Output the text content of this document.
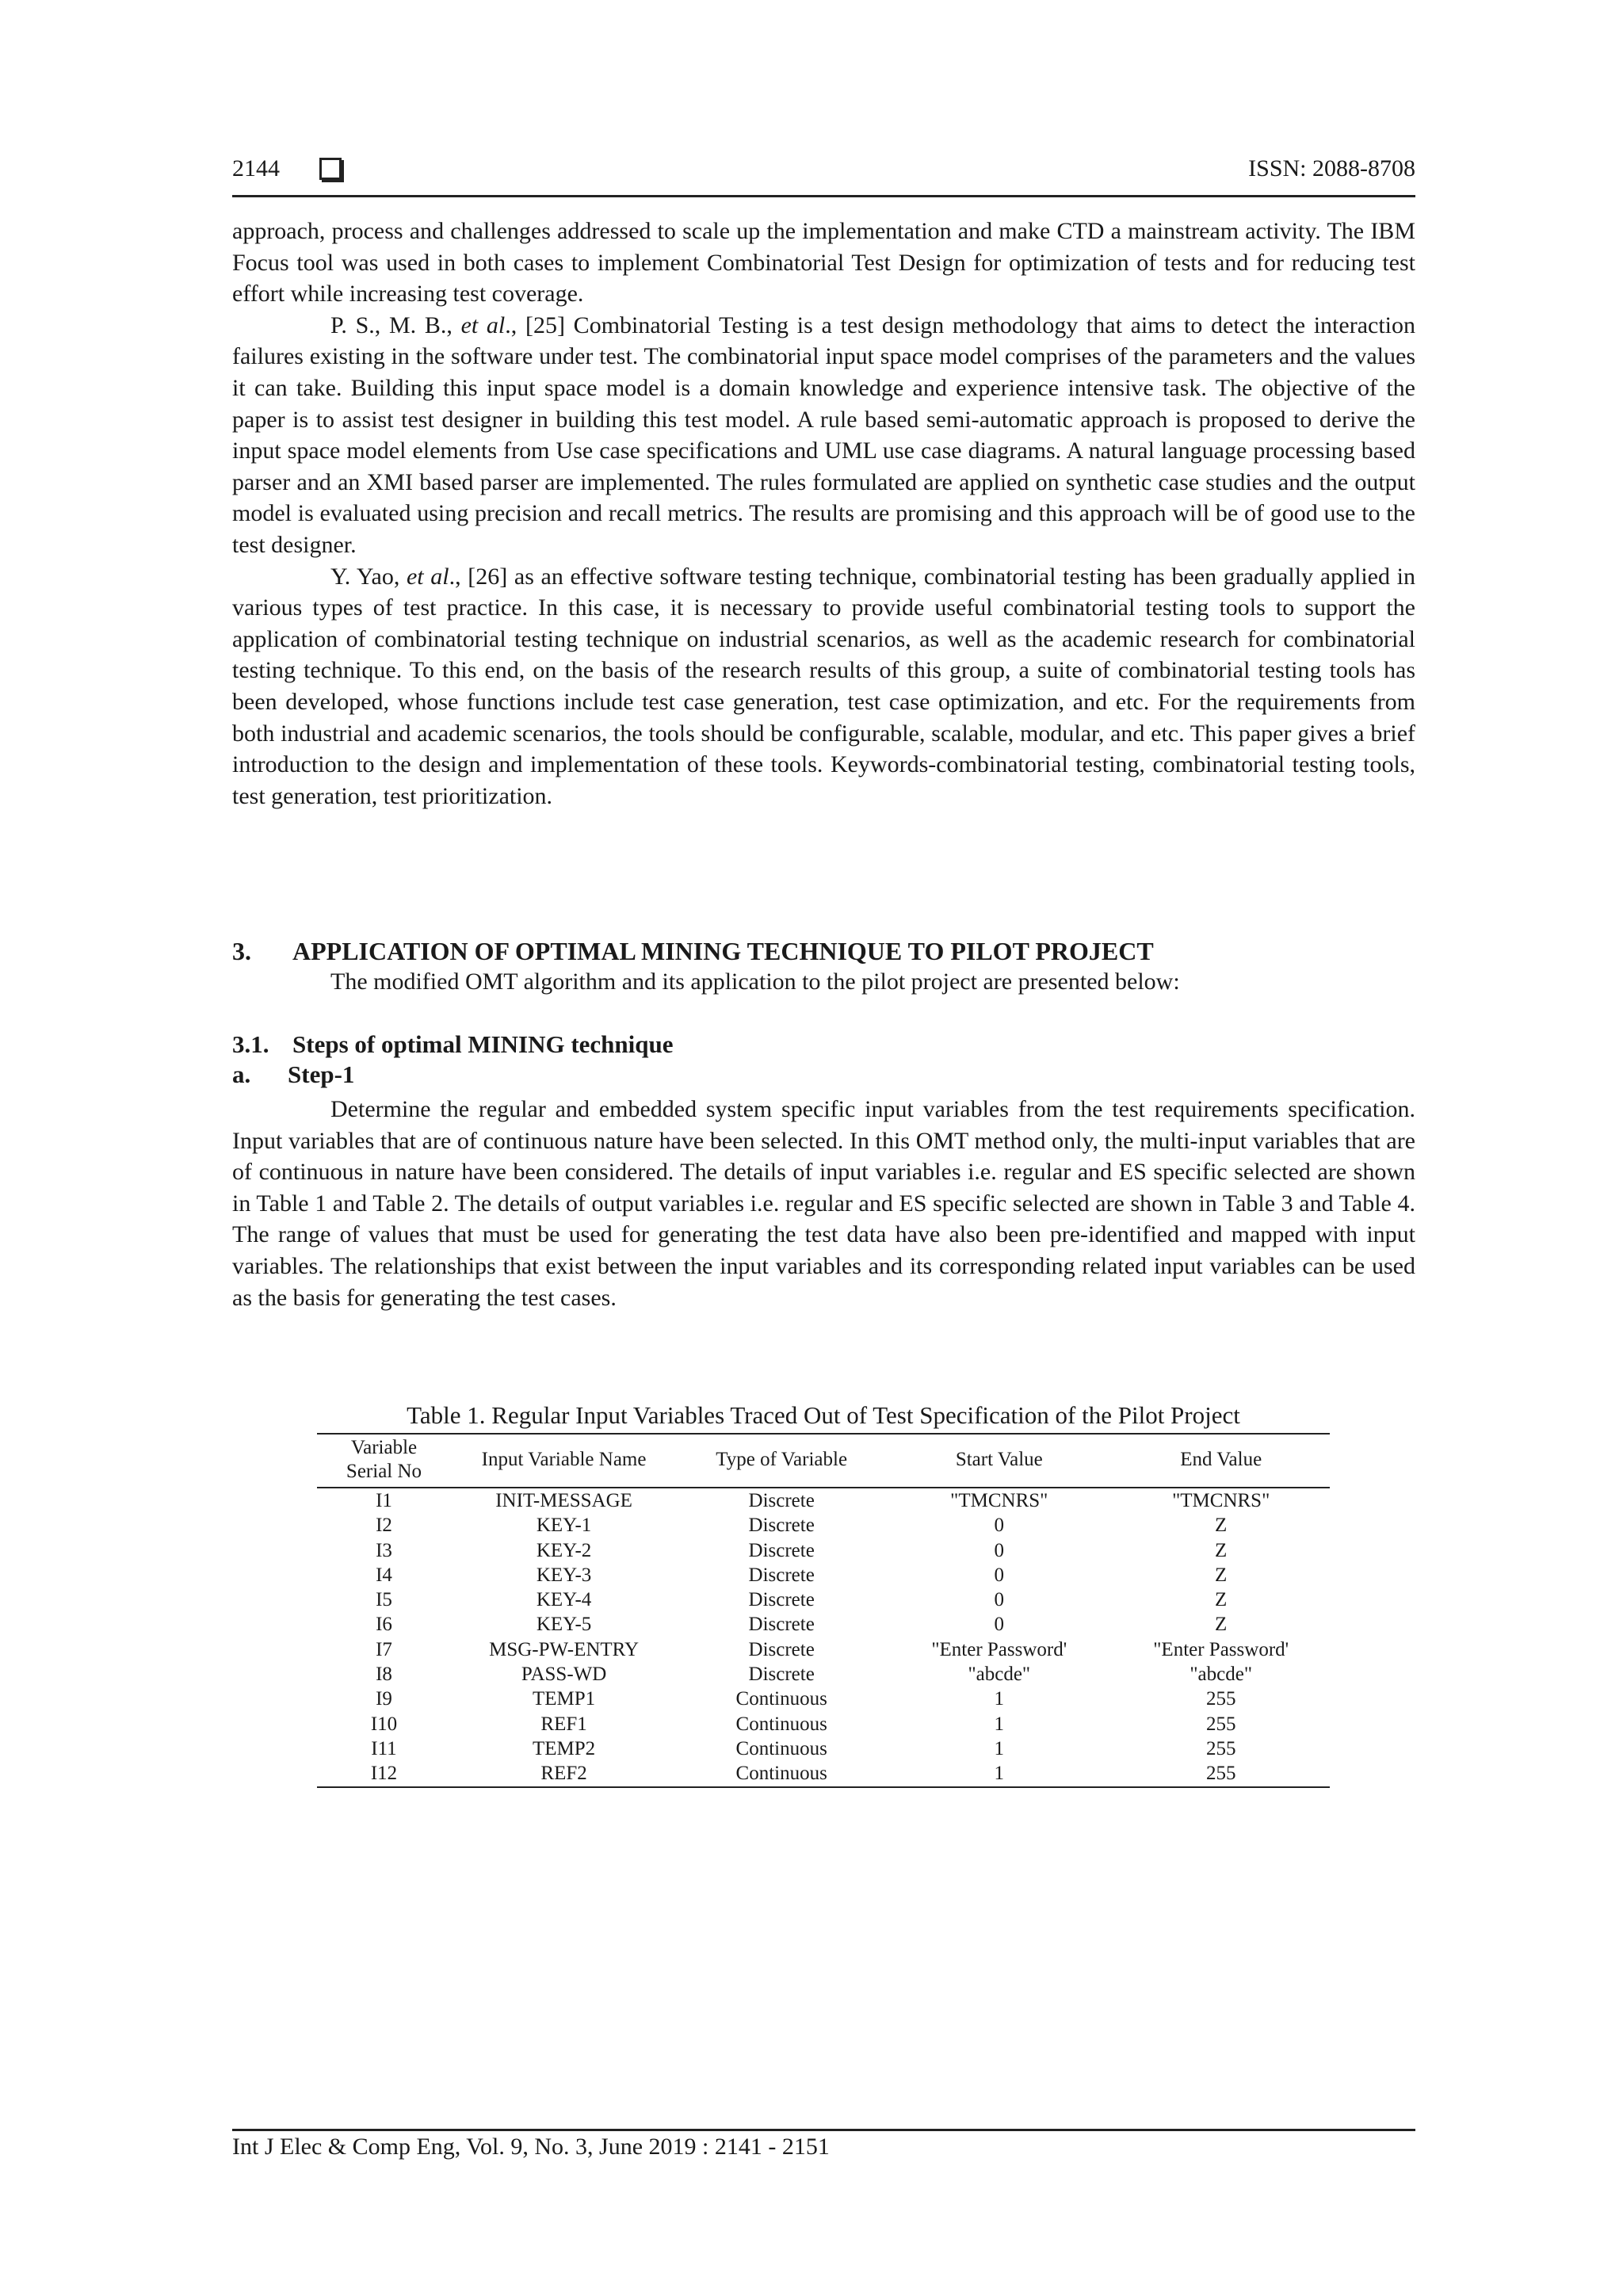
2144	ISSN: 2088-8708

approach, process and challenges addressed to scale up the implementation and make CTD a mainstream activity. The IBM Focus tool was used in both cases to implement Combinatorial Test Design for optimization of tests and for reducing test effort while increasing test coverage.

P. S., M. B., et al., [25] Combinatorial Testing is a test design methodology that aims to detect the interaction failures existing in the software under test. The combinatorial input space model comprises of the parameters and the values it can take. Building this input space model is a domain knowledge and experience intensive task. The objective of the paper is to assist test designer in building this test model. A rule based semi-automatic approach is proposed to derive the input space model elements from Use case specifications and UML use case diagrams. A natural language processing based parser and an XMI based parser are implemented. The rules formulated are applied on synthetic case studies and the output model is evaluated using precision and recall metrics. The results are promising and this approach will be of good use to the test designer.

Y. Yao, et al., [26] as an effective software testing technique, combinatorial testing has been gradually applied in various types of test practice. In this case, it is necessary to provide useful combinatorial testing tools to support the application of combinatorial testing technique on industrial scenarios, as well as the academic research for combinatorial testing technique. To this end, on the basis of the research results of this group, a suite of combinatorial testing tools has been developed, whose functions include test case generation, test case optimization, and etc. For the requirements from both industrial and academic scenarios, the tools should be configurable, scalable, modular, and etc. This paper gives a brief introduction to the design and implementation of these tools. Keywords-combinatorial testing, combinatorial testing tools, test generation, test prioritization.

3. APPLICATION OF OPTIMAL MINING TECHNIQUE TO PILOT PROJECT
The modified OMT algorithm and its application to the pilot project are presented below:
3.1. Steps of optimal MINING technique
a. Step-1

Determine the regular and embedded system specific input variables from the test requirements specification. Input variables that are of continuous nature have been selected. In this OMT method only, the multi-input variables that are of continuous in nature have been considered. The details of input variables i.e. regular and ES specific selected are shown in Table 1 and Table 2. The details of output variables i.e. regular and ES specific selected are shown in Table 3 and Table 4. The range of values that must be used for generating the test data have also been pre-identified and mapped with input variables. The relationships that exist between the input variables and its corresponding related input variables can be used as the basis for generating the test cases.

Table 1. Regular Input Variables Traced Out of Test Specification of the Pilot Project
Variable
Serial No	Input Variable Name	Type of Variable	Start Value	End Value
I1	INIT-MESSAGE	Discrete	"TMCNRS"	"TMCNRS"
I2	KEY-1	Discrete	0	Z
I3	KEY-2	Discrete	0	Z
I4	KEY-3	Discrete	0	Z
I5	KEY-4	Discrete	0	Z
I6	KEY-5	Discrete	0	Z
I7	MSG-PW-ENTRY	Discrete	"Enter Password'	"Enter Password'
I8	PASS-WD	Discrete	"abcde"	"abcde"
I9	TEMP1	Continuous	1	255
I10	REF1	Continuous	1	255
I11	TEMP2	Continuous	1	255
I12	REF2	Continuous	1	255
Int J Elec & Comp Eng, Vol. 9, No. 3, June 2019 : 2141 - 2151
